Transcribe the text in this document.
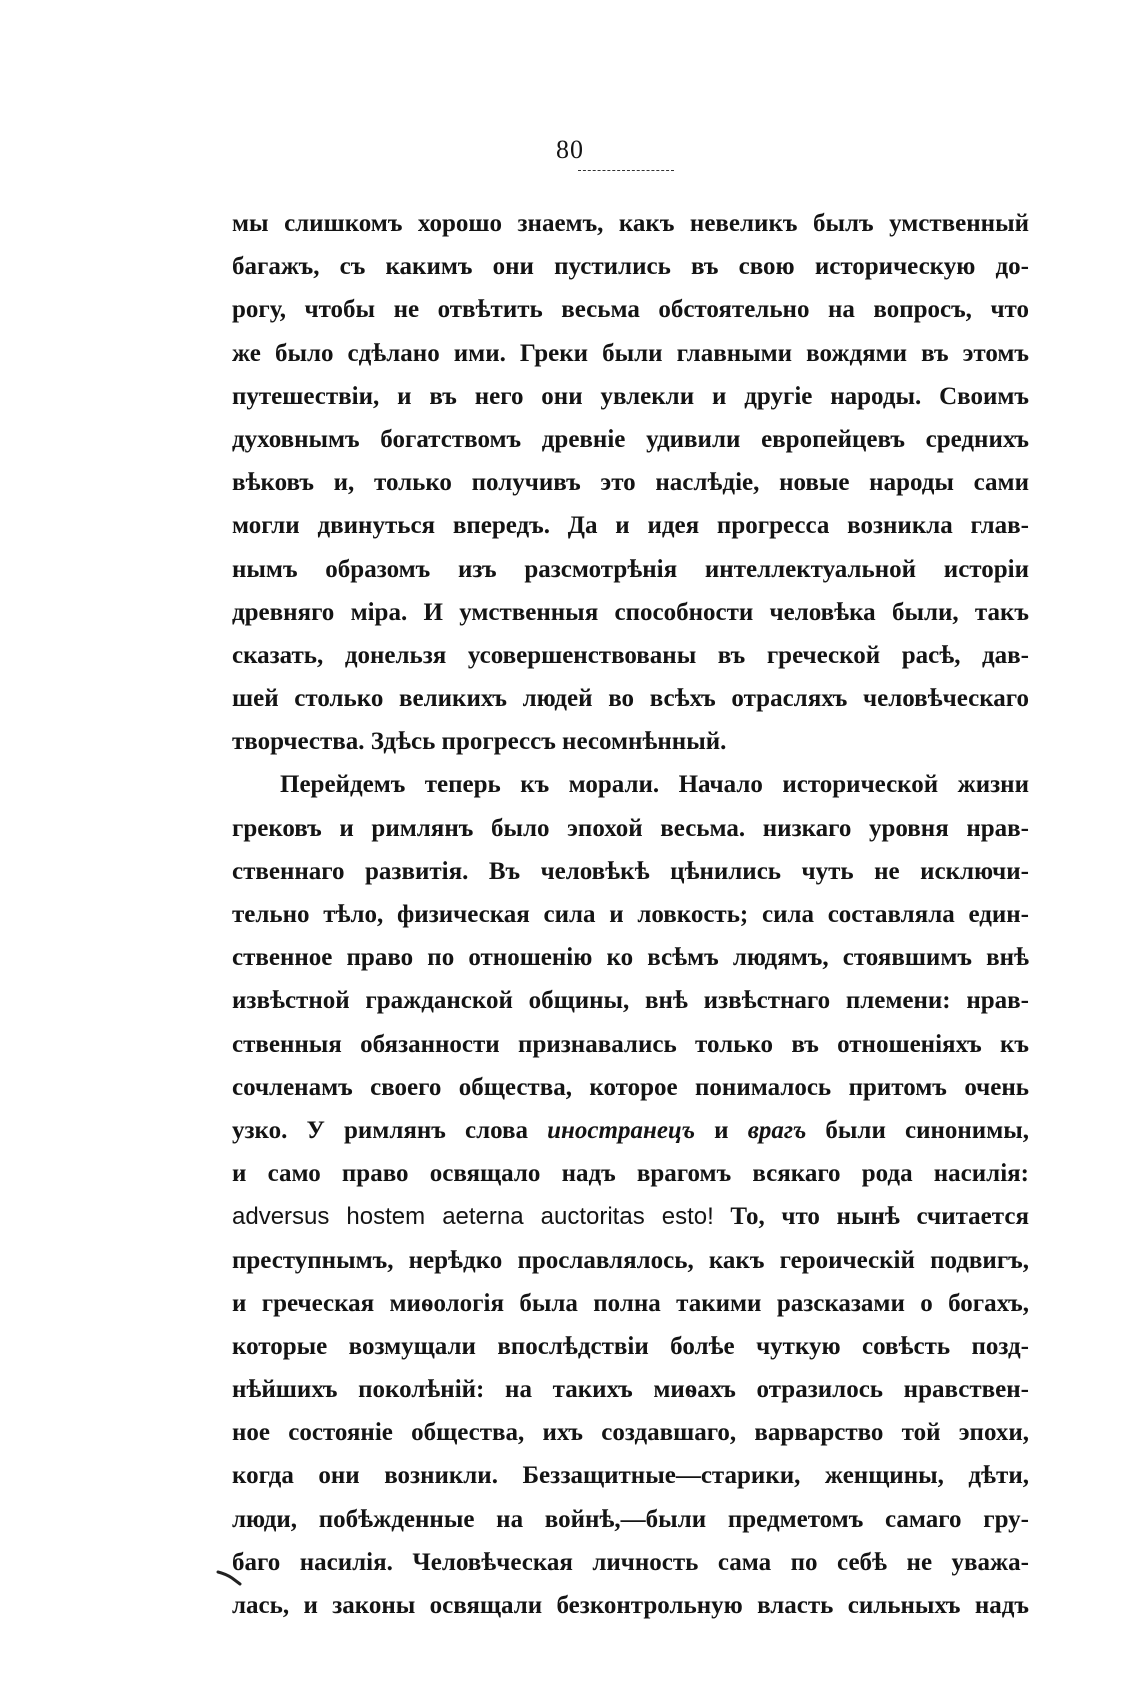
80
мы слишкомъ хорошо знаемъ, какъ невеликъ былъ умственный
багажъ, съ какимъ они пустились въ свою историческую до-
рогу, чтобы не отвѣтить весьма обстоятельно на вопросъ, что
же было сдѣлано ими. Греки были главными вождями въ этомъ
путешествіи, и въ него они увлекли и другіе народы. Своимъ
духовнымъ богатствомъ древніе удивили европейцевъ среднихъ
вѣковъ и, только получивъ это наслѣдіе, новые народы сами
могли двинуться впередъ. Да и идея прогресса возникла глав-
нымъ образомъ изъ разсмотрѣнія интеллектуальной исторіи
древняго міра. И умственныя способности человѣка были, такъ
сказать, донельзя усовершенствованы въ греческой расѣ, дав-
шей столько великихъ людей во всѣхъ отрасляхъ человѣческаго
творчества. Здѣсь прогрессъ несомнѣнный.
Перейдемъ теперь къ морали. Начало исторической жизни
грековъ и римлянъ было эпохой весьма. низкаго уровня нрав-
ственнаго развитія. Въ человѣкѣ цѣнились чуть не исключи-
тельно тѣло, физическая сила и ловкость; сила составляла един-
ственное право по отношенію ко всѣмъ людямъ, стоявшимъ внѣ
извѣстной гражданской общины, внѣ извѣстнаго племени: нрав-
ственныя обязанности признавались только въ отношеніяхъ къ
сочленамъ своего общества, которое понималось притомъ очень
узко. У римлянъ слова иностранецъ и врагъ были синонимы,
и само право освящало надъ врагомъ всякаго рода насилія:
adversus hostem aeterna auctoritas esto! То, что нынѣ считается
преступнымъ, нерѣдко прославлялось, какъ героическій подвигъ,
и греческая миѳологія была полна такими разсказами о богахъ,
которые возмущали впослѣдствіи болѣе чуткую совѣсть позд-
нѣйшихъ поколѣній: на такихъ миѳахъ отразилось нравствен-
ное состояніе общества, ихъ создавшаго, варварство той эпохи,
когда они возникли. Беззащитные—старики, женщины, дѣти,
люди, побѣжденные на войнѣ,—были предметомъ самаго гру-
баго насилія. Человѣческая личность сама по себѣ не уважа-
лась, и законы освящали безконтрольную власть сильныхъ надъ
